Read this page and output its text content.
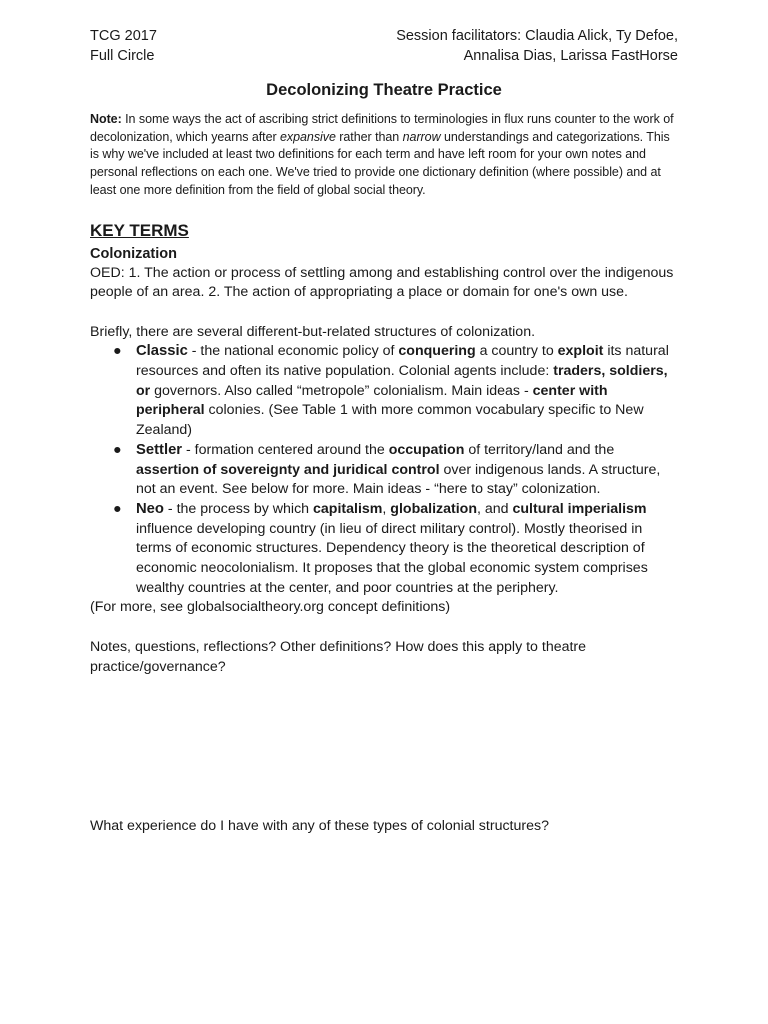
TCG 2017
Full Circle
Session facilitators: Claudia Alick, Ty Defoe,
Annalisa Dias, Larissa FastHorse
Decolonizing Theatre Practice
Note: In some ways the act of ascribing strict definitions to terminologies in flux runs counter to the work of decolonization, which yearns after expansive rather than narrow understandings and categorizations. This is why we've included at least two definitions for each term and have left room for your own notes and personal reflections on each one. We've tried to provide one dictionary definition (where possible) and at least one more definition from the field of global social theory.
KEY TERMS
Colonization
OED: 1. The action or process of settling among and establishing control over the indigenous people of an area. 2. The action of appropriating a place or domain for one's own use.
Briefly, there are several different-but-related structures of colonization.
● Classic - the national economic policy of conquering a country to exploit its natural resources and often its native population. Colonial agents include: traders, soldiers, or governors. Also called “metropole” colonialism. Main ideas - center with peripheral colonies. (See Table 1 with more common vocabulary specific to New Zealand)
● Settler - formation centered around the occupation of territory/land and the assertion of sovereignty and juridical control over indigenous lands. A structure, not an event. See below for more. Main ideas - “here to stay” colonization.
● Neo - the process by which capitalism, globalization, and cultural imperialism influence developing country (in lieu of direct military control). Mostly theorised in terms of economic structures. Dependency theory is the theoretical description of economic neocolonialism. It proposes that the global economic system comprises wealthy countries at the center, and poor countries at the periphery.
(For more, see globalsocialtheory.org concept definitions)
Notes, questions, reflections? Other definitions? How does this apply to theatre practice/governance?
What experience do I have with any of these types of colonial structures?
